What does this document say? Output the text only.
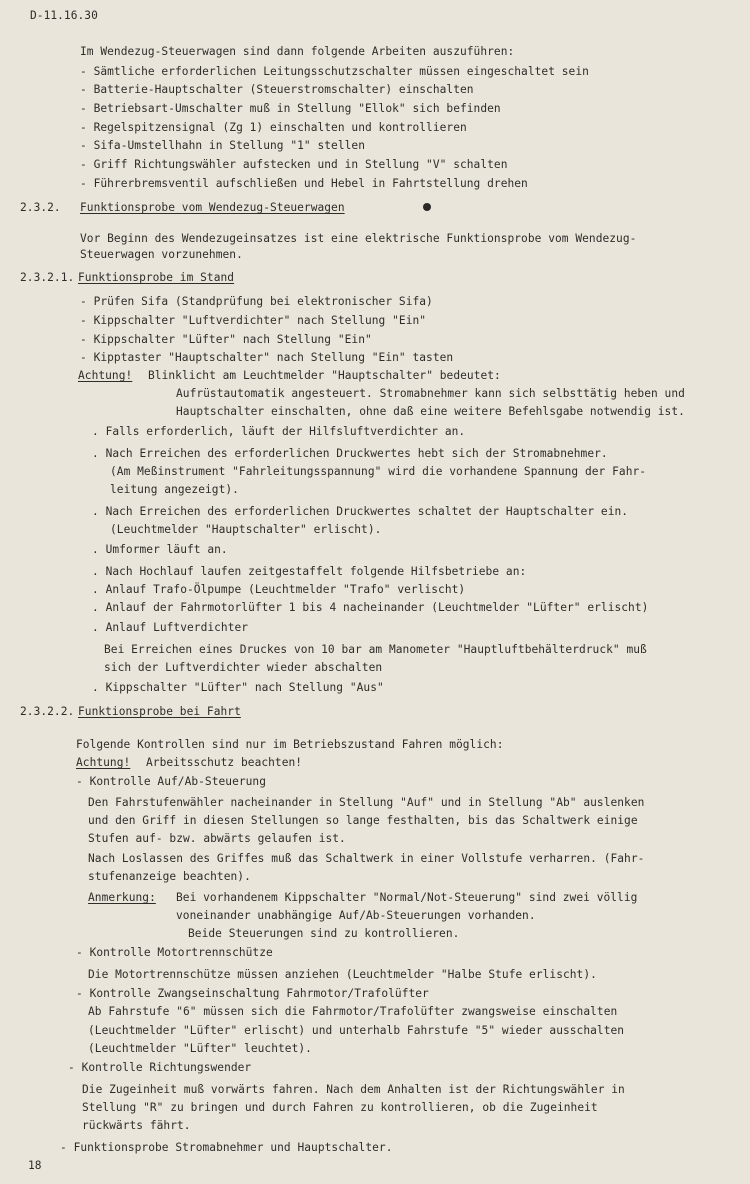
D-11.16.30
Im Wendezug-Steuerwagen sind dann folgende Arbeiten auszuführen:
- Sämtliche erforderlichen Leitungsschutzschalter müssen eingeschaltet sein
- Batterie-Hauptschalter (Steuerstromschalter) einschalten
- Betriebsart-Umschalter muß in Stellung "Ellok" sich befinden
- Regelspitzensignal (Zg 1) einschalten und kontrollieren
- Sifa-Umstellhahn in Stellung "1" stellen
- Griff Richtungswähler aufstecken und in Stellung "V" schalten
- Führerbremsventil aufschließen und Hebel in Fahrtstellung drehen
2.3.2. Funktionsprobe vom Wendezug-Steuerwagen
Vor Beginn des Wendezugeinsatzes ist eine elektrische Funktionsprobe vom Wendezug-
Steuerwagen vorzunehmen.
2.3.2.1. Funktionsprobe im Stand
- Prüfen Sifa (Standprüfung bei elektronischer Sifa)
- Kippschalter "Luftverdichter" nach Stellung "Ein"
- Kippschalter "Lüfter" nach Stellung "Ein"
- Kipptaster "Hauptschalter" nach Stellung "Ein" tasten
Achtung! Blinklicht am Leuchtmelder "Hauptschalter" bedeutet:
Aufrüstautomatik angesteuert. Stromabnehmer kann sich selbsttätig heben und
Hauptschalter einschalten, ohne daß eine weitere Befehlsgabe notwendig ist.
. Falls erforderlich, läuft der Hilfsluftverdichter an.
. Nach Erreichen des erforderlichen Druckwertes hebt sich der Stromabnehmer.
(Am Meßinstrument "Fahrleitungsspannung" wird die vorhandene Spannung der Fahr-
leitung angezeigt).
. Nach Erreichen des erforderlichen Druckwertes schaltet der Hauptschalter ein.
(Leuchtmelder "Hauptschalter" erlischt).
. Umformer läuft an.
. Nach Hochlauf laufen zeitgestaffelt folgende Hilfsbetriebe an:
. Anlauf Trafo-Ölpumpe (Leuchtmelder "Trafo" verlischt)
. Anlauf der Fahrmotorlüfter 1 bis 4 nacheinander (Leuchtmelder "Lüfter" erlischt)
. Anlauf Luftverdichter
Bei Erreichen eines Druckes von 10 bar am Manometer "Hauptluftbehälterdruck" muß
sich der Luftverdichter wieder abschalten
. Kippschalter "Lüfter" nach Stellung "Aus"
2.3.2.2. Funktionsprobe bei Fahrt
Folgende Kontrollen sind nur im Betriebszustand Fahren möglich:
Achtung! Arbeitsschutz beachten!
- Kontrolle Auf/Ab-Steuerung
Den Fahrstufenwähler nacheinander in Stellung "Auf" und in Stellung "Ab" auslenken
und den Griff in diesen Stellungen so lange festhalten, bis das Schaltwerk einige
Stufen auf- bzw. abwärts gelaufen ist.
Nach Loslassen des Griffes muß das Schaltwerk in einer Vollstufe verharren. (Fahr-
stufenanzeige beachten).
Anmerkung: Bei vorhandenem Kippschalter "Normal/Not-Steuerung" sind zwei völlig
voneinander unabhängige Auf/Ab-Steuerungen vorhanden.
Beide Steuerungen sind zu kontrollieren.
- Kontrolle Motortrennschütze
Die Motortrennschütze müssen anziehen (Leuchtmelder "Halbe Stufe erlischt).
- Kontrolle Zwangseinschaltung Fahrmotor/Trafolüfter
Ab Fahrstufe "6" müssen sich die Fahrmotor/Trafolüfter zwangsweise einschalten
(Leuchtmelder "Lüfter" erlischt) und unterhalb Fahrstufe "5" wieder ausschalten
(Leuchtmelder "Lüfter" leuchtet).
- Kontrolle Richtungswender
Die Zugeinheit muß vorwärts fahren. Nach dem Anhalten ist der Richtungswähler in
Stellung "R" zu bringen und durch Fahren zu kontrollieren, ob die Zugeinheit
rückwärts fährt.
- Funktionsprobe Stromabnehmer und Hauptschalter.
18
